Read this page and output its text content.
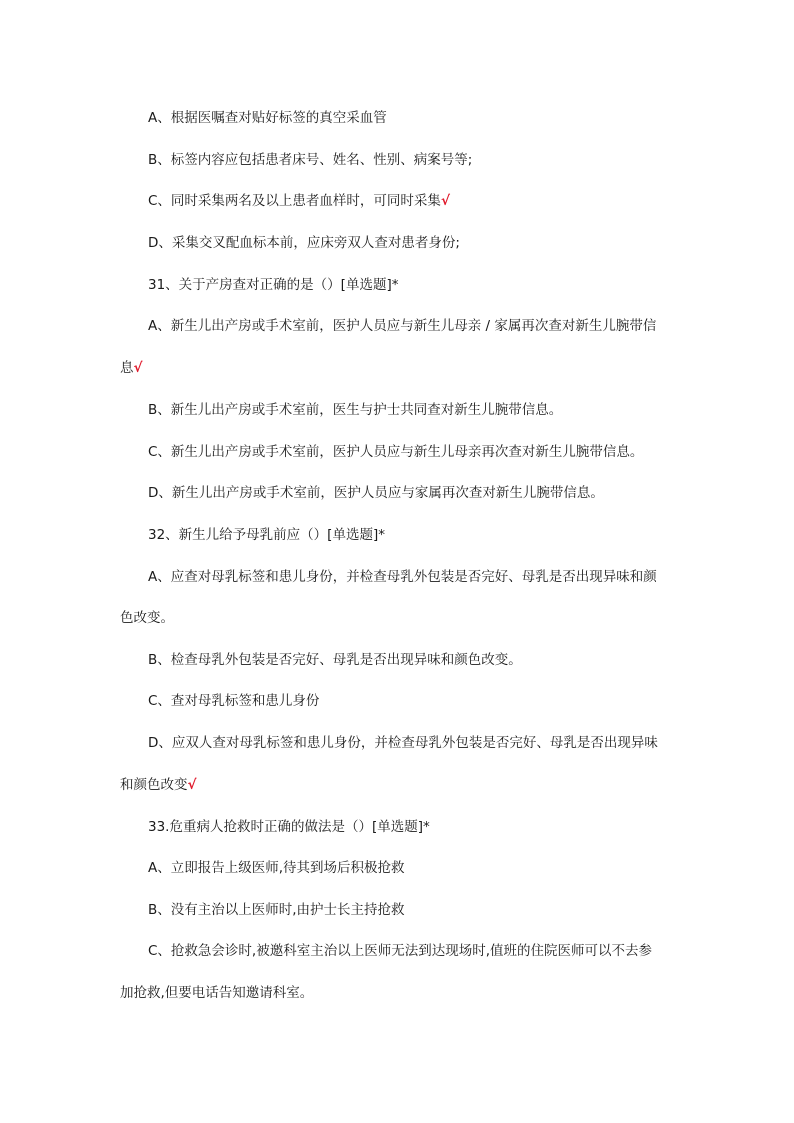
A、根据医嘱查对贴好标签的真空采血管
B、标签内容应包括患者床号、姓名、性别、病案号等;
C、同时采集两名及以上患者血样时，可同时采集√
D、采集交叉配血标本前，应床旁双人查对患者身份;
31、关于产房查对正确的是（）[单选题]*
A、新生儿出产房或手术室前，医护人员应与新生儿母亲 / 家属再次查对新生儿腕带信
息√
B、新生儿出产房或手术室前，医生与护士共同查对新生儿腕带信息。
C、新生儿出产房或手术室前，医护人员应与新生儿母亲再次查对新生儿腕带信息。
D、新生儿出产房或手术室前，医护人员应与家属再次查对新生儿腕带信息。
32、新生儿给予母乳前应（）[单选题]*
A、应查对母乳标签和患儿身份，并检查母乳外包装是否完好、母乳是否出现异味和颜
色改变。
B、检查母乳外包装是否完好、母乳是否出现异味和颜色改变。
C、查对母乳标签和患儿身份
D、应双人查对母乳标签和患儿身份，并检查母乳外包装是否完好、母乳是否出现异味
和颜色改变√
33.危重病人抢救时正确的做法是（）[单选题]*
A、立即报告上级医师,待其到场后积极抢救
B、没有主治以上医师时,由护士长主持抢救
C、抢救急会诊时,被邀科室主治以上医师无法到达现场时,值班的住院医师可以不去参
加抢救,但要电话告知邀请科室。
